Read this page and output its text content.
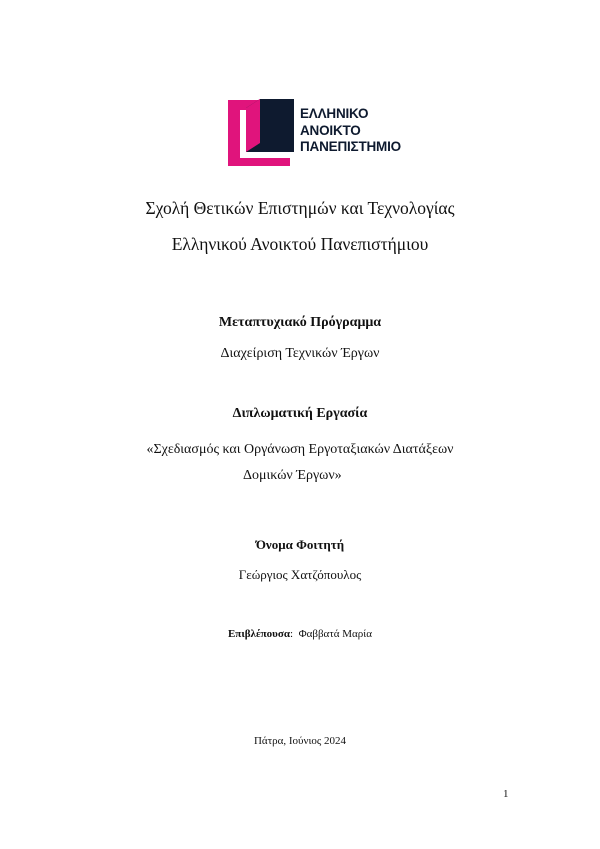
ΕΛΛΗΝΙΚΟ
ΑΝΟΙΚΤΟ
ΠΑΝΕΠΙΣΤΗΜΙΟ
Σχολή Θετικών Επιστημών και Τεχνολογίας
Ελληνικού Ανοικτού Πανεπιστήμιου
Μεταπτυχιακό Πρόγραμμα
Διαχείριση Τεχνικών Έργων
Διπλωματική Εργασία
«Σχεδιασμός και Οργάνωση Εργοταξιακών Διατάξεων
Δομικών Έργων»
Όνομα Φοιτητή
Γεώργιος Χατζόπουλος
Επιβλέπουσα: Φαββατά Μαρία
Πάτρα, Ιούνιος 2024
1
